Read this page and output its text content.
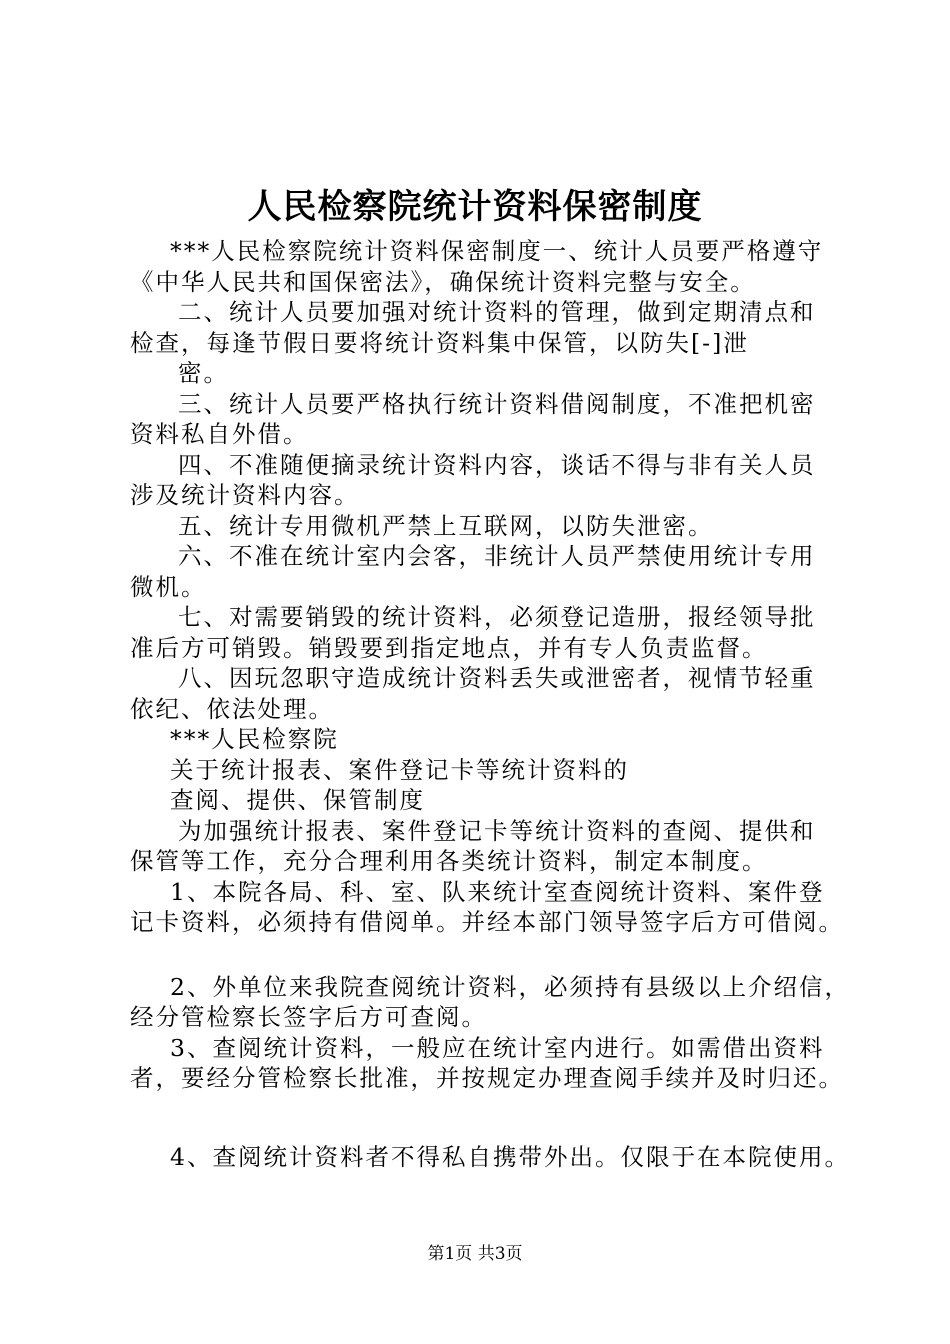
人民检察院统计资料保密制度

***人民检察院统计资料保密制度一、统计人员要严格遵守

《中华人民共和国保密法》，确保统计资料完整与安全。

二、统计人员要加强对统计资料的管理，做到定期清点和

检查，每逢节假日要将统计资料集中保管，以防失[-]泄

密。

三、统计人员要严格执行统计资料借阅制度，不准把机密

资料私自外借。

四、不准随便摘录统计资料内容，谈话不得与非有关人员

涉及统计资料内容。

五、统计专用微机严禁上互联网，以防失泄密。

六、不准在统计室内会客，非统计人员严禁使用统计专用

微机。

七、对需要销毁的统计资料，必须登记造册，报经领导批

准后方可销毁。销毁要到指定地点，并有专人负责监督。

八、因玩忽职守造成统计资料丢失或泄密者，视情节轻重

依纪、依法处理。

***人民检察院

关于统计报表、案件登记卡等统计资料的

查阅、提供、保管制度

为加强统计报表、案件登记卡等统计资料的查阅、提供和

保管等工作，充分合理利用各类统计资料，制定本制度。

1、本院各局、科、室、队来统计室查阅统计资料、案件登

记卡资料，必须持有借阅单。并经本部门领导签字后方可借阅。

2、外单位来我院查阅统计资料，必须持有县级以上介绍信，

经分管检察长签字后方可查阅。

3、查阅统计资料，一般应在统计室内进行。如需借出资料

者，要经分管检察长批准，并按规定办理查阅手续并及时归还。

4、查阅统计资料者不得私自携带外出。仅限于在本院使用。

第1页 共3页
